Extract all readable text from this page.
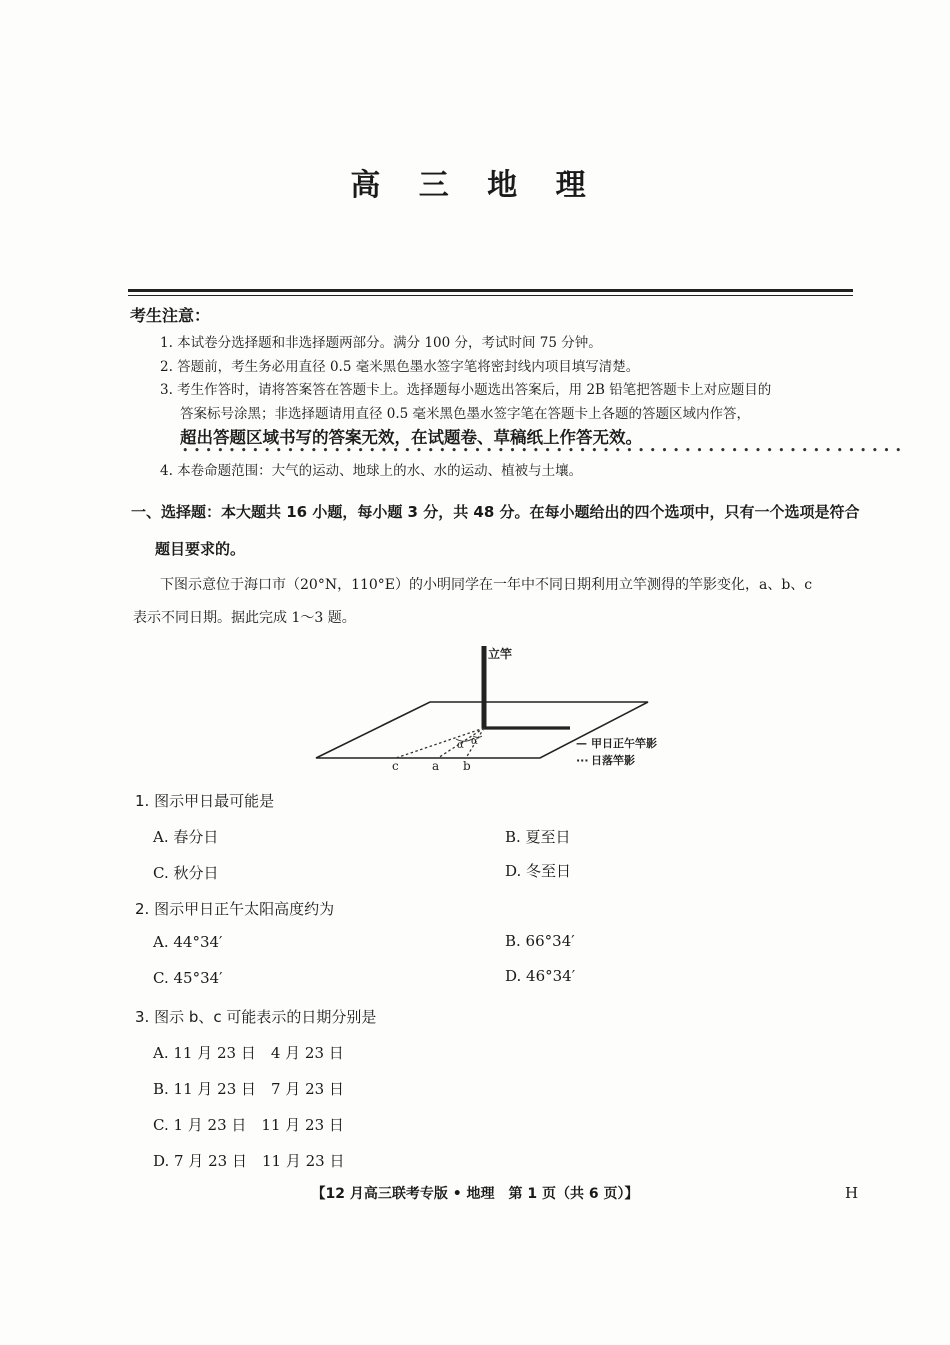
高 三 地 理
考生注意：
1. 本试卷分选择题和非选择题两部分。满分 100 分，考试时间 75 分钟。
2. 答题前，考生务必用直径 0.5 毫米黑色墨水签字笔将密封线内项目填写清楚。
3. 考生作答时，请将答案答在答题卡上。选择题每小题选出答案后，用 2B 铅笔把答题卡上对应题目的
答案标号涂黑；非选择题请用直径 0.5 毫米黑色墨水签字笔在答题卡上各题的答题区域内作答，
超出答题区域书写的答案无效，在试题卷、草稿纸上作答无效。
••••••••••••••••••••••••••••••••••••••••••••••••••••••••••••••
4. 本卷命题范围：大气的运动、地球上的水、水的运动、植被与土壤。
一、选择题：本大题共 16 小题，每小题 3 分，共 48 分。在每小题给出的四个选项中，只有一个选项是符合
题目要求的。
下图示意位于海口市（20°N，110°E）的小明同学在一年中不同日期利用立竿测得的竿影变化，a、b、c
表示不同日期。据此完成 1～3 题。
立竿
α α
c	a b
— 甲日正午竿影
··· 日落竿影
1. 图示甲日最可能是
A. 春分日	B. 夏至日
C. 秋分日	D. 冬至日
2. 图示甲日正午太阳高度约为
A. 44°34′	B. 66°34′
C. 45°34′	D. 46°34′
3. 图示 b、c 可能表示的日期分别是
A. 11 月 23 日　4 月 23 日
B. 11 月 23 日　7 月 23 日
C. 1 月 23 日　11 月 23 日
D. 7 月 23 日　11 月 23 日
【12 月高三联考专版 • 地理　第 1 页（共 6 页）】	H
